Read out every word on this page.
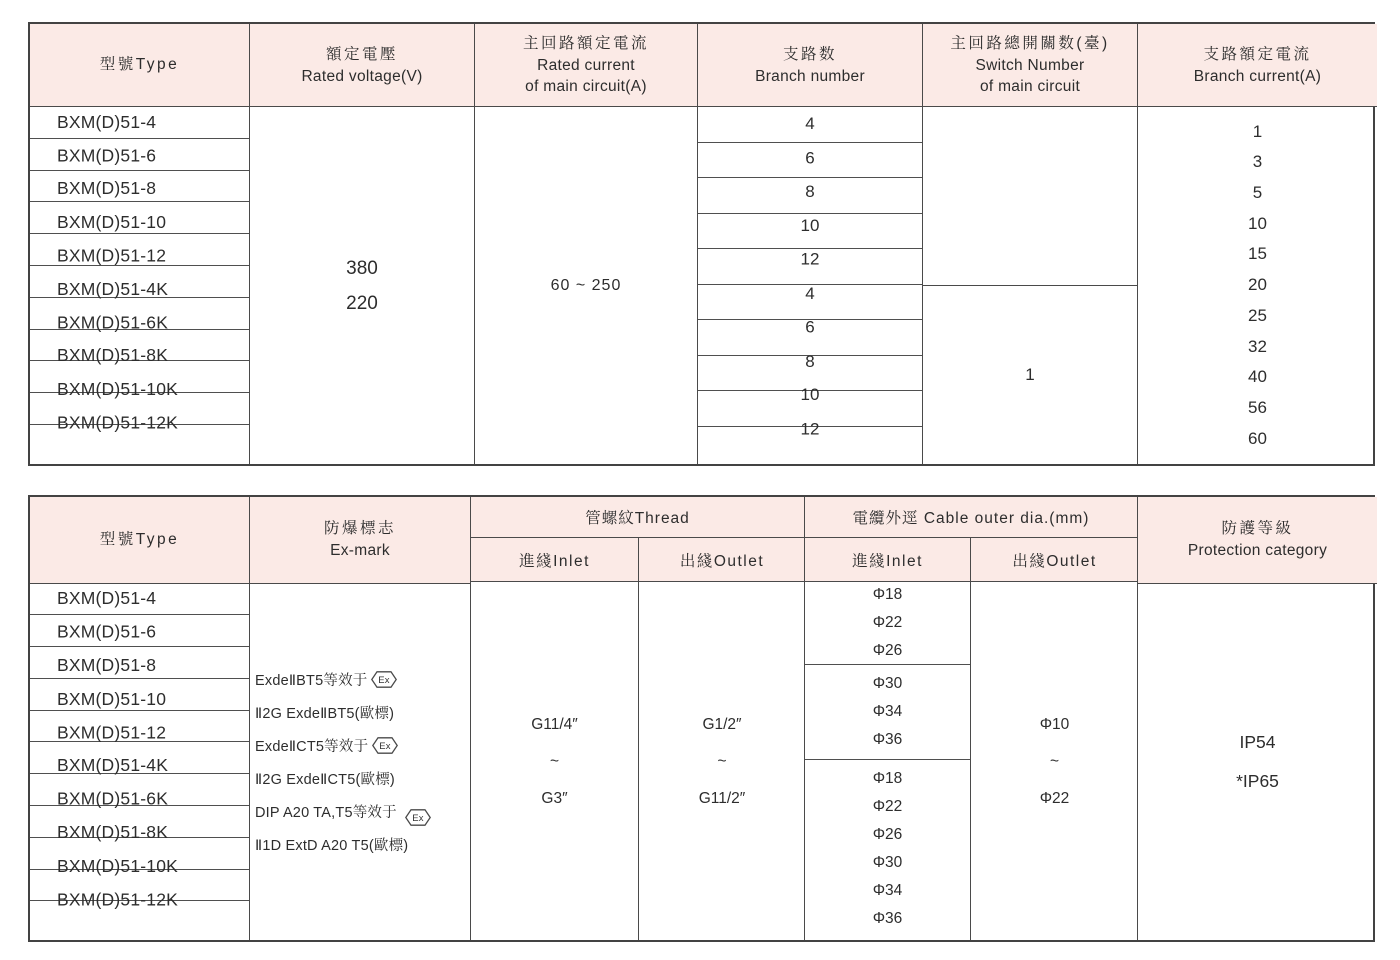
型號Type
BXM(D)51-4
BXM(D)51-6
BXM(D)51-8
BXM(D)51-10
BXM(D)51-12
BXM(D)51-4K
BXM(D)51-6K
BXM(D)51-8K
BXM(D)51-10K
BXM(D)51-12K
額定電壓
Rated voltage(V)
380
220
主回路額定電流
Rated current
of main circuit(A)
60 ~ 250
支路数
Branch number
4
6
8
10
12
4
6
8
10
12
主回路總開關数(臺)
Switch Number
of main circuit
1
支路額定電流
Branch current(A)
1
3
5
10
15
20
25
32
40
56
60
型號Type
BXM(D)51-4
BXM(D)51-6
BXM(D)51-8
BXM(D)51-10
BXM(D)51-12
BXM(D)51-4K
BXM(D)51-6K
BXM(D)51-8K
BXM(D)51-10K
BXM(D)51-12K
防爆標志
Ex-mark
ExdeⅡBT5等效于 Ex
Ⅱ2G ExdeⅡBT5(歐標)
ExdeⅡCT5等效于 Ex
Ⅱ2G ExdeⅡCT5(歐標)
DIP A20 TA,T5等效于 Ex
Ⅱ1D ExtD A20 T5(歐標)
管螺紋Thread
進綫Inlet
G11/4″
~
G3″
出綫Outlet
G1/2″
~
G11/2″
電纜外逕 Cable outer dia.(mm)
進綫Inlet
Φ18
Φ22
Φ26
Φ30
Φ34
Φ36
Φ18
Φ22
Φ26
Φ30
Φ34
Φ36
出綫Outlet
Φ10
~
Φ22
防護等級
Protection category
IP54
*IP65
